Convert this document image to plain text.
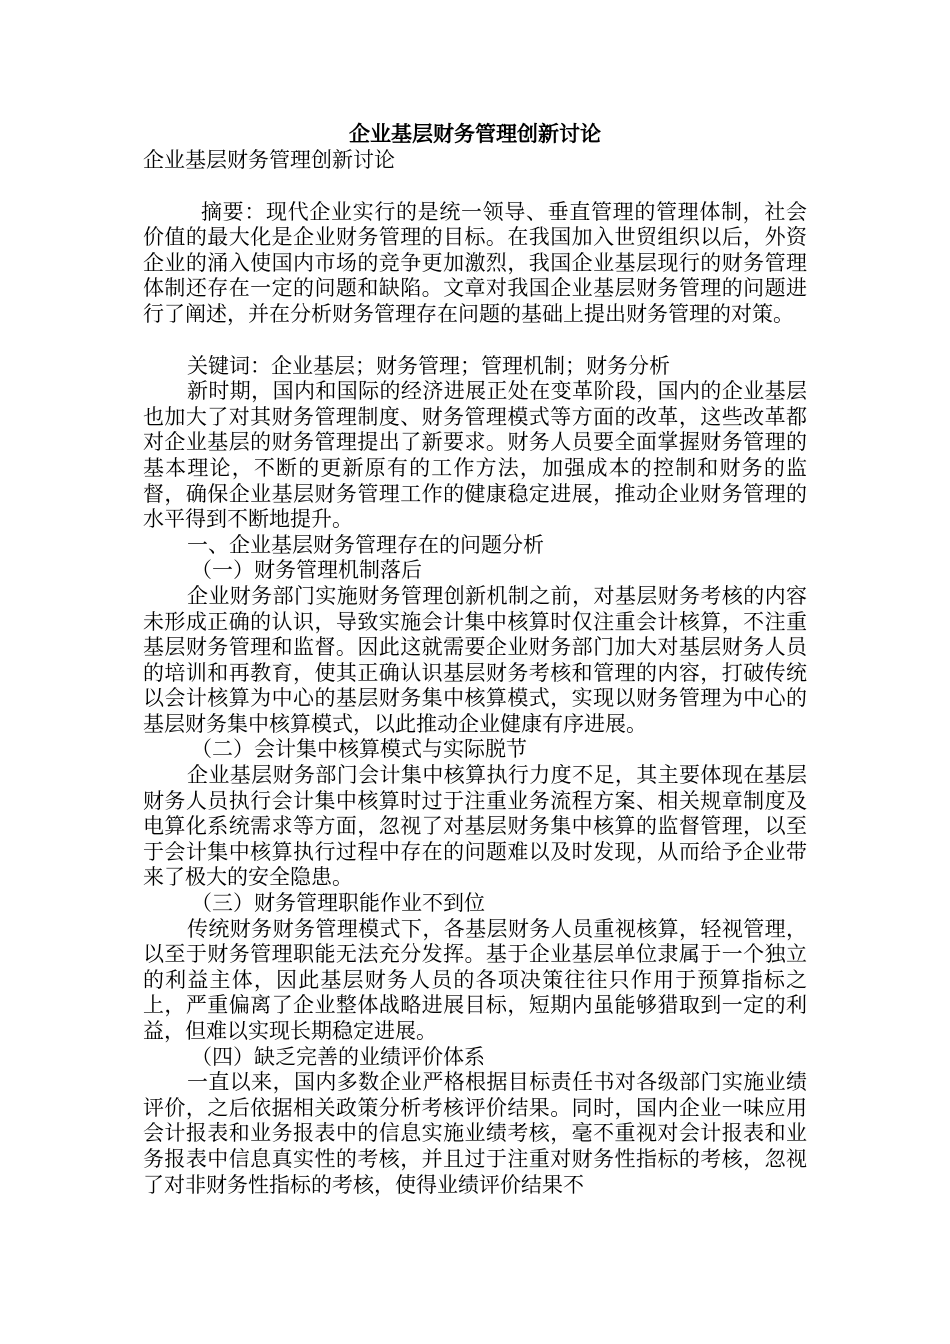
企业基层财务管理创新讨论

企业基层财务管理创新讨论

摘要：现代企业实行的是统一领导、垂直管理的管理体制，社会价值的最大化是企业财务管理的目标。在我国加入世贸组织以后，外资企业的涌入使国内市场的竞争更加激烈，我国企业基层现行的财务管理体制还存在一定的问题和缺陷。文章对我国企业基层财务管理的问题进行了阐述，并在分析财务管理存在问题的基础上提出财务管理的对策。

关键词：企业基层；财务管理；管理机制；财务分析

新时期，国内和国际的经济进展正处在变革阶段，国内的企业基层也加大了对其财务管理制度、财务管理模式等方面的改革，这些改革都对企业基层的财务管理提出了新要求。财务人员要全面掌握财务管理的基本理论，不断的更新原有的工作方法，加强成本的控制和财务的监督，确保企业基层财务管理工作的健康稳定进展，推动企业财务管理的水平得到不断地提升。

一、企业基层财务管理存在的问题分析

（一）财务管理机制落后

企业财务部门实施财务管理创新机制之前，对基层财务考核的内容未形成正确的认识，导致实施会计集中核算时仅注重会计核算，不注重基层财务管理和监督。因此这就需要企业财务部门加大对基层财务人员的培训和再教育，使其正确认识基层财务考核和管理的内容，打破传统以会计核算为中心的基层财务集中核算模式，实现以财务管理为中心的基层财务集中核算模式，以此推动企业健康有序进展。

（二）会计集中核算模式与实际脱节

企业基层财务部门会计集中核算执行力度不足，其主要体现在基层财务人员执行会计集中核算时过于注重业务流程方案、相关规章制度及电算化系统需求等方面，忽视了对基层财务集中核算的监督管理，以至于会计集中核算执行过程中存在的问题难以及时发现，从而给予企业带来了极大的安全隐患。

（三）财务管理职能作业不到位

传统财务财务管理模式下，各基层财务人员重视核算，轻视管理，以至于财务管理职能无法充分发挥。基于企业基层单位隶属于一个独立的利益主体，因此基层财务人员的各项决策往往只作用于预算指标之上，严重偏离了企业整体战略进展目标，短期内虽能够猎取到一定的利益，但难以实现长期稳定进展。

（四）缺乏完善的业绩评价体系

一直以来，国内多数企业严格根据目标责任书对各级部门实施业绩评价，之后依据相关政策分析考核评价结果。同时，国内企业一味应用会计报表和业务报表中的信息实施业绩考核，毫不重视对会计报表和业务报表中信息真实性的考核，并且过于注重对财务性指标的考核，忽视了对非财务性指标的考核，使得业绩评价结果不
